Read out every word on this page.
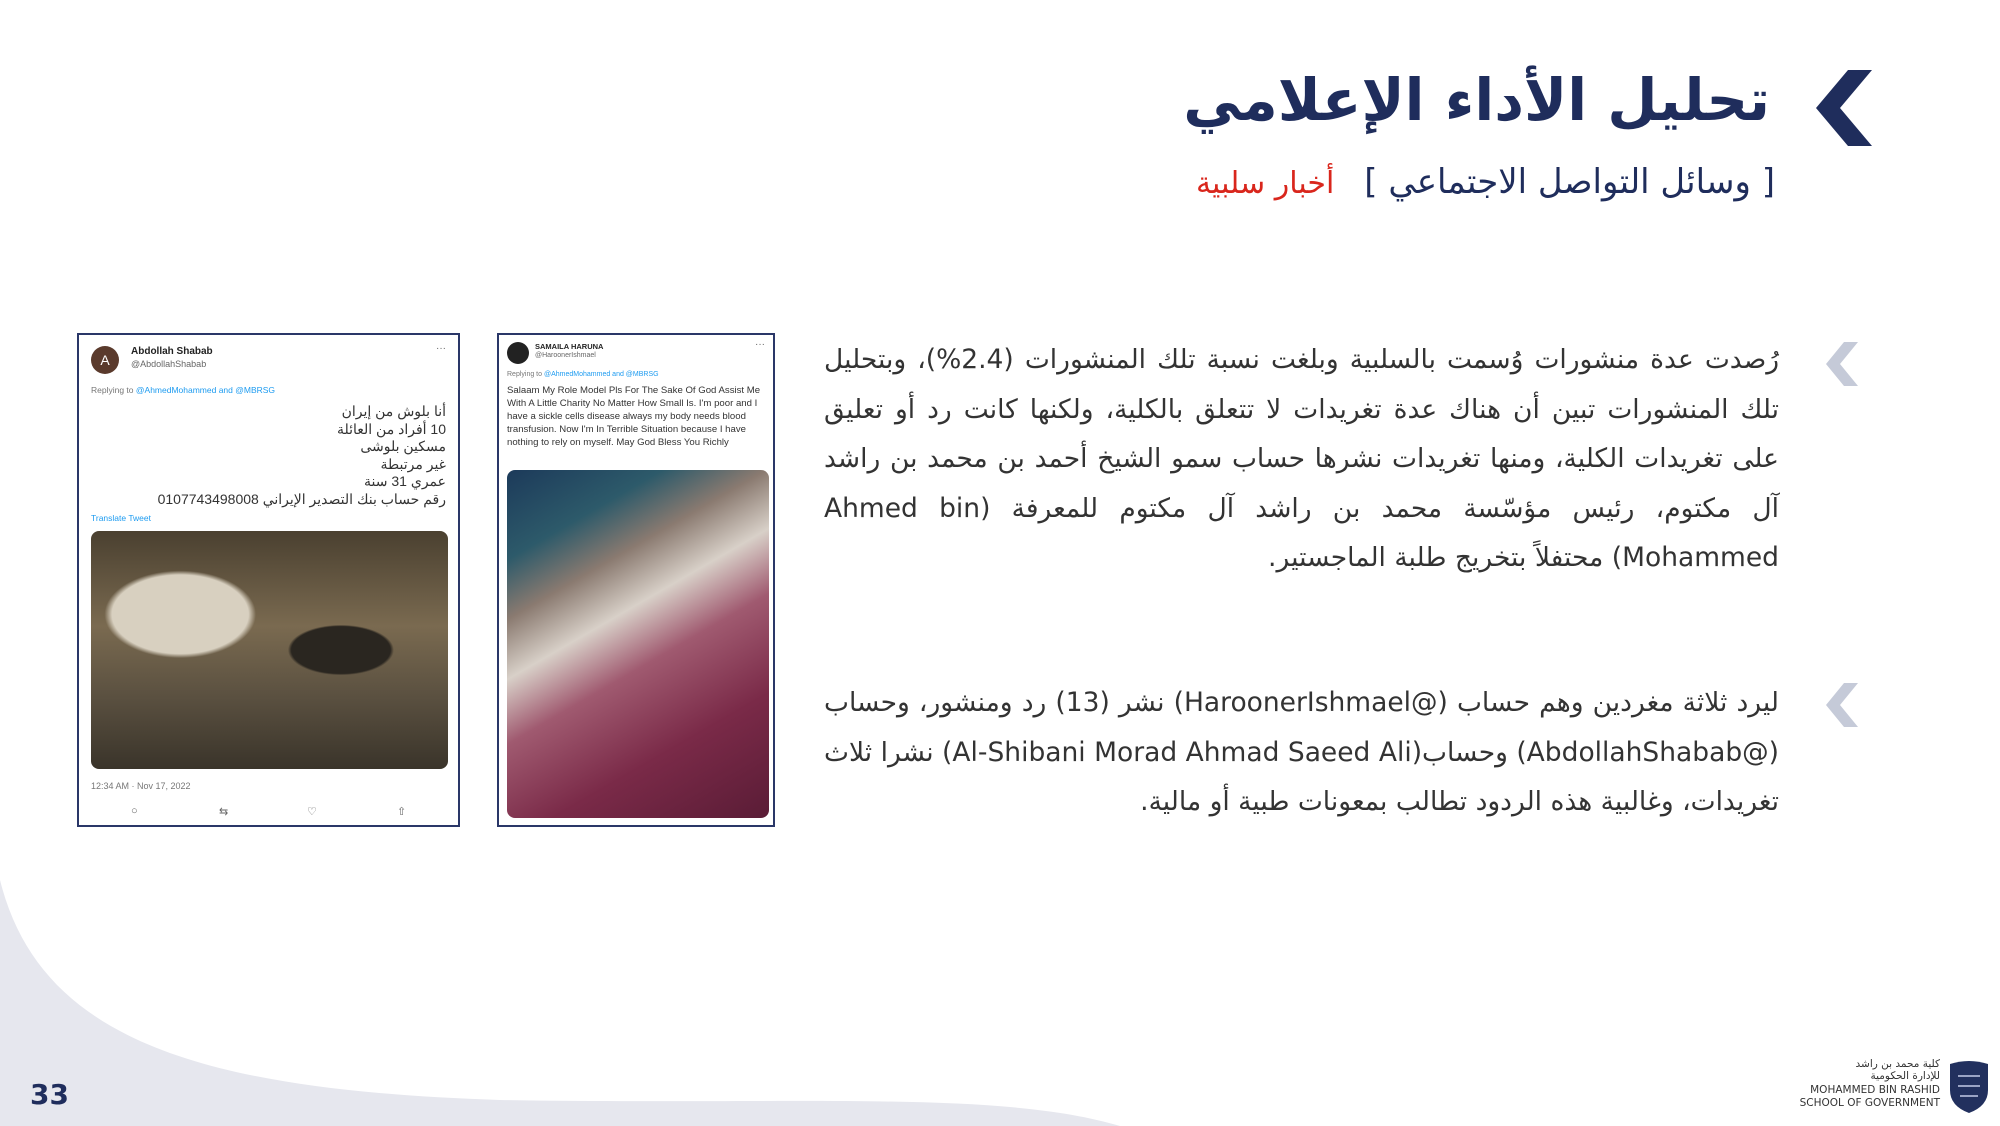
تحليل الأداء الإعلامي
[ وسائل التواصل الاجتماعي ]أخبار سلبية

رُصدت عدة منشورات وُسمت بالسلبية وبلغت نسبة تلك المنشورات (2.4%)، وبتحليل تلك المنشورات تبين أن هناك عدة تغريدات لا تتعلق بالكلية، ولكنها كانت رد أو تعليق على تغريدات الكلية، ومنها تغريدات نشرها حساب سمو الشيخ أحمد بن محمد بن راشد آل مكتوم، رئيس مؤسّسة محمد بن راشد آل مكتوم للمعرفة (Ahmed bin Mohammed) محتفلاً بتخريج طلبة الماجستير.

ليرد ثلاثة مغردين وهم حساب (@HaroonerIshmael) نشر (13) رد ومنشور، وحساب (@AbdollahShabab) وحساب(Al-Shibani Morad Ahmad Saeed Ali) نشرا ثلاث تغريدات، وغالبية هذه الردود تطالب بمعونات طبية أو مالية.

A
Abdollah Shabab
@AbdollahShabab
···
Replying to @AhmedMohammed and @MBRSG
أنا بلوش من إيران
10 أفراد من العائلة
مسكين بلوشى
غير مرتبطة
عمري 31 سنة
رقم حساب بنك التصدير الإيراني 0107743498008
Translate Tweet
12:34 AM · Nov 17, 2022
○	⇆	♡	⇧
SAMAILA HARUNA
@HaroonerIshmael
···
Replying to @AhmedMohammed and @MBRSG
Salaam My Role Model Pls For The Sake Of God Assist Me With A Little Charity No Matter How Small Is. I'm poor and I have a sickle cells disease always my body needs blood transfusion. Now I'm In Terrible Situation because I have nothing to rely on myself. May God Bless You Richly
33
كلية محمد بن راشد
للإدارة الحكومية
MOHAMMED BIN RASHID
SCHOOL OF GOVERNMENT
